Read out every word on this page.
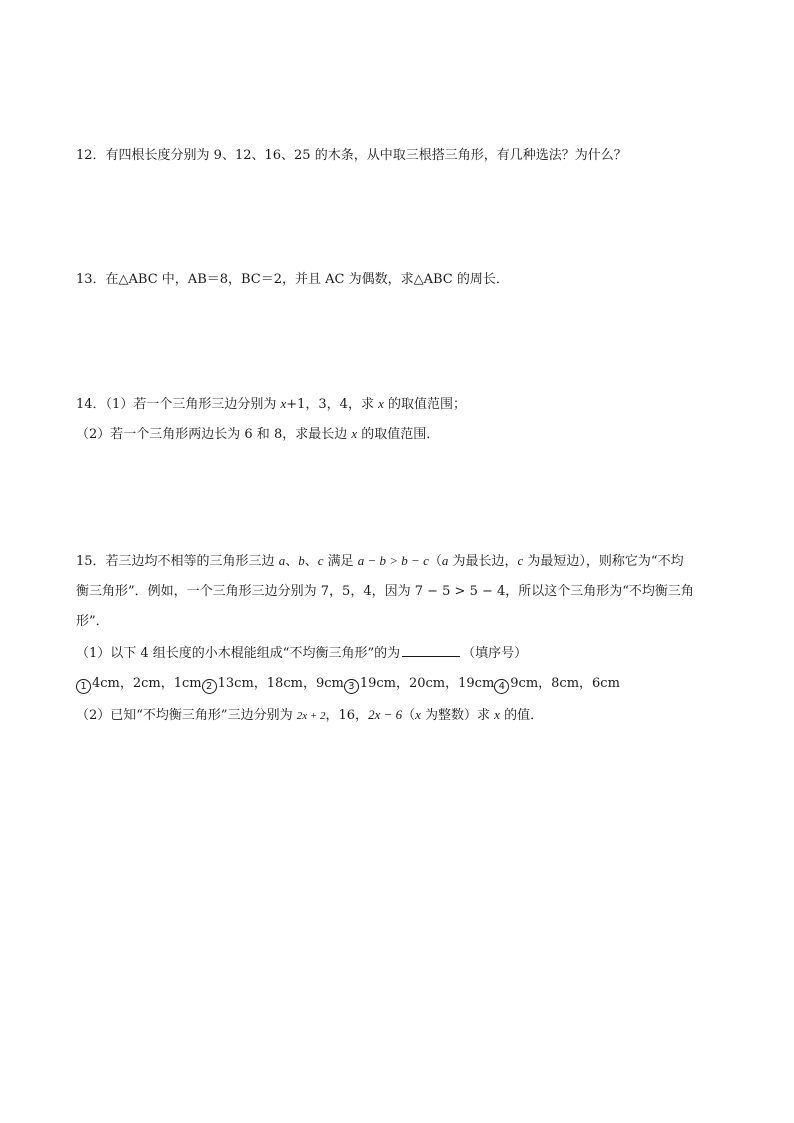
12．有四根长度分别为 9、12、16、25 的木条，从中取三根搭三角形，有几种选法？为什么？
13．在△ABC 中，AB＝8，BC＝2，并且 AC 为偶数，求△ABC 的周长．
14．（1）若一个三角形三边分别为 x+1，3，4，求 x 的取值范围；
（2）若一个三角形两边长为 6 和 8，求最长边 x 的取值范围．
15．若三边均不相等的三角形三边 a、b、c 满足 a − b > b − c（a 为最长边，c 为最短边），则称它为“不均
衡三角形”．例如，一个三角形三边分别为 7，5，4，因为 7 − 5 > 5 − 4，所以这个三角形为“不均衡三角
形”．
（1）以下 4 组长度的小木棍能组成“不均衡三角形”的为	（填序号）
1 4cm，2cm，1cm 2 13cm，18cm，9cm 3 19cm，20cm，19cm 4 9cm，8cm，6cm
（2）已知“不均衡三角形”三边分别为 2x + 2，16，2x − 6（x 为整数）求 x 的值．
